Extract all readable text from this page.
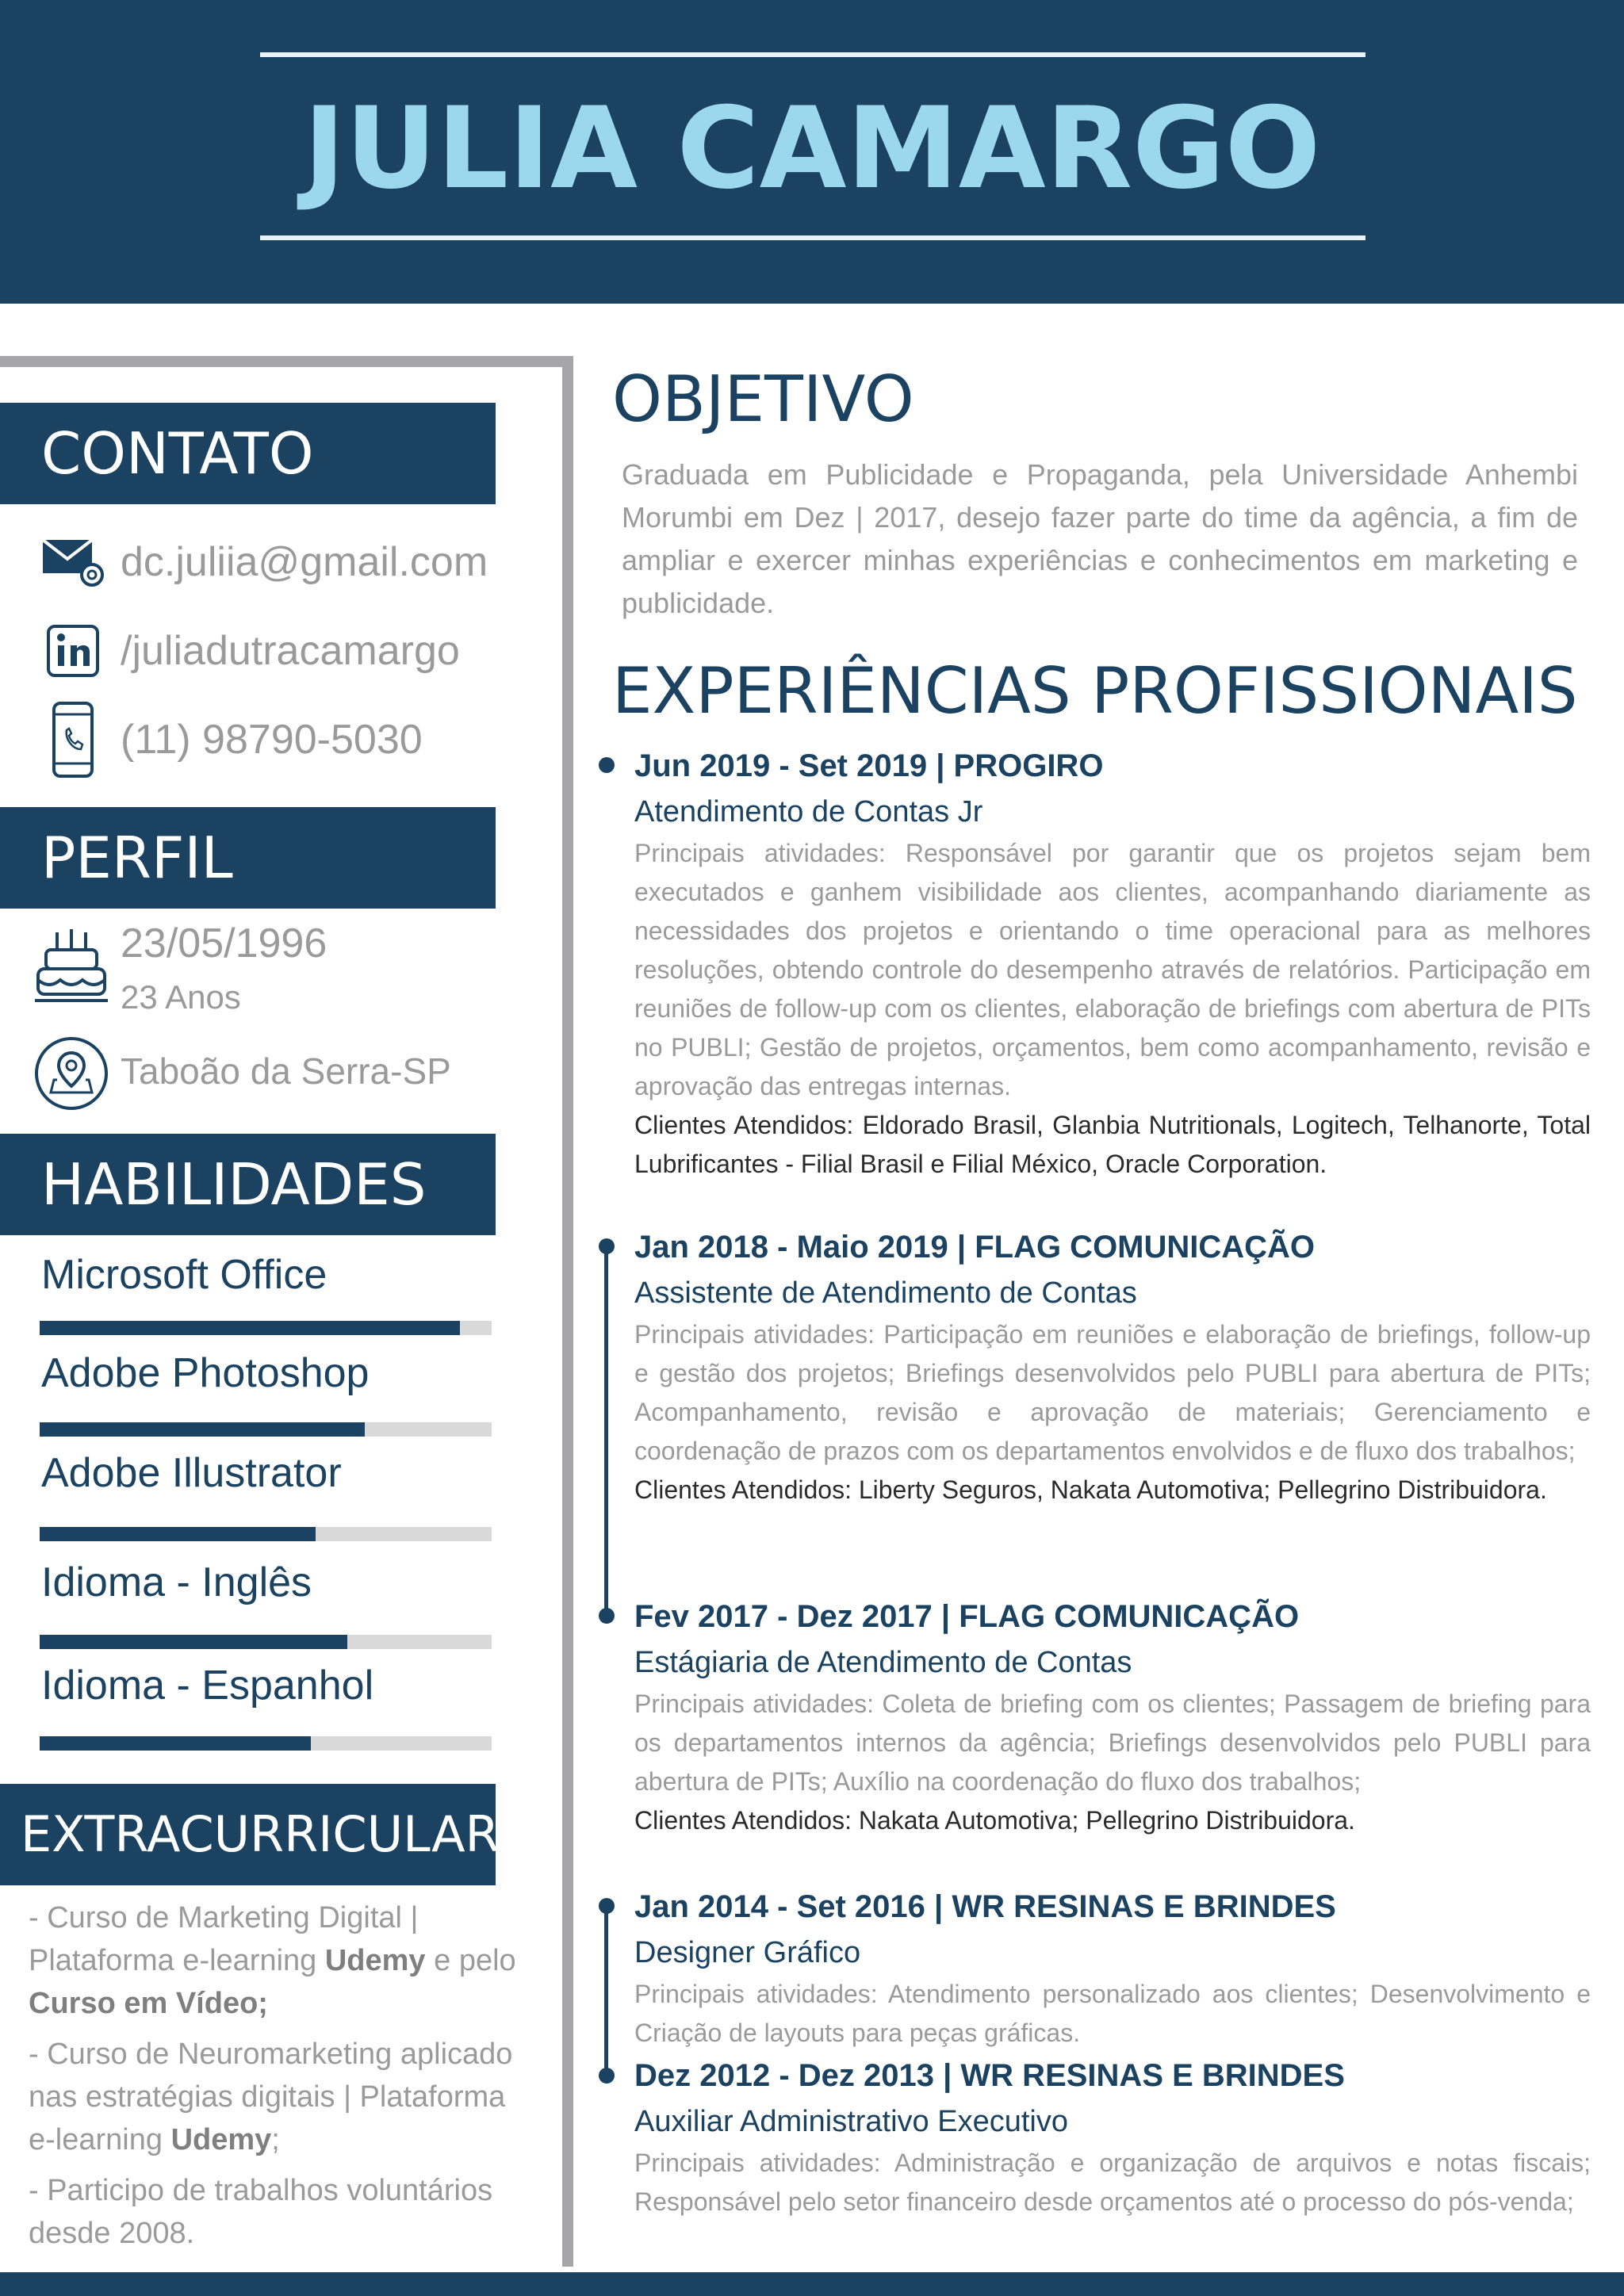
JULIA CAMARGO
CONTATO
dc.juliia@gmail.com
/juliadutracamargo
(11) 98790-5030
PERFIL
23/05/1996
23 Anos
Taboão da Serra-SP
HABILIDADES
Microsoft Office
Adobe Photoshop
Adobe Illustrator
Idioma - Inglês
Idioma - Espanhol
EXTRACURRICULAR

- Curso de Marketing Digital | Plataforma e-learning Udemy e pelo Curso em Vídeo;

- Curso de Neuromarketing aplicado nas estratégias digitais | Plataforma e-learning Udemy;

- Participo de trabalhos voluntários desde 2008.

OBJETIVO
Graduada em Publicidade e Propaganda, pela Universidade Anhembi Morumbi em Dez | 2017, desejo fazer parte do time da agência, a fim de ampliar e exercer minhas experiências e conhecimentos em marketing e publicidade.
EXPERIÊNCIAS PROFISSIONAIS
Jun 2019 - Set 2019 | PROGIRO
Atendimento de Contas Jr
Principais atividades: Responsável por garantir que os projetos sejam bem executados e ganhem visibilidade aos clientes, acompanhando diariamente as necessidades dos projetos e orientando o time operacional para as melhores resoluções, obtendo controle do desempenho através de relatórios. Participação em reuniões de follow-up com os clientes, elaboração de briefings com abertura de PITs no PUBLI; Gestão de projetos, orçamentos, bem como acompanhamento, revisão e aprovação das entregas internas.
Clientes Atendidos: Eldorado Brasil, Glanbia Nutritionals, Logitech, Telhanorte, Total Lubrificantes - Filial Brasil e Filial México, Oracle Corporation.
Jan 2018 - Maio 2019 | FLAG COMUNICAÇÃO
Assistente de Atendimento de Contas
Principais atividades: Participação em reuniões e elaboração de briefings, follow-up e gestão dos projetos; Briefings desenvolvidos pelo PUBLI para abertura de PITs; Acompanhamento, revisão e aprovação de materiais; Gerenciamento e coordenação de prazos com os departamentos envolvidos e de fluxo dos trabalhos;
Clientes Atendidos: Liberty Seguros, Nakata Automotiva; Pellegrino Distribuidora.
Fev 2017 - Dez 2017 | FLAG COMUNICAÇÃO
Estágiaria de Atendimento de Contas
Principais atividades: Coleta de briefing com os clientes; Passagem de briefing para os departamentos internos da agência; Briefings desenvolvidos pelo PUBLI para abertura de PITs; Auxílio na coordenação do fluxo dos trabalhos;
Clientes Atendidos: Nakata Automotiva; Pellegrino Distribuidora.
Jan 2014 - Set 2016 | WR RESINAS E BRINDES
Designer Gráfico
Principais atividades: Atendimento personalizado aos clientes; Desenvolvimento e Criação de layouts para peças gráficas.
Dez 2012 - Dez 2013 | WR RESINAS E BRINDES
Auxiliar Administrativo Executivo
Principais atividades: Administração e organização de arquivos e notas fiscais; Responsável pelo setor financeiro desde orçamentos até o processo do pós-venda;
